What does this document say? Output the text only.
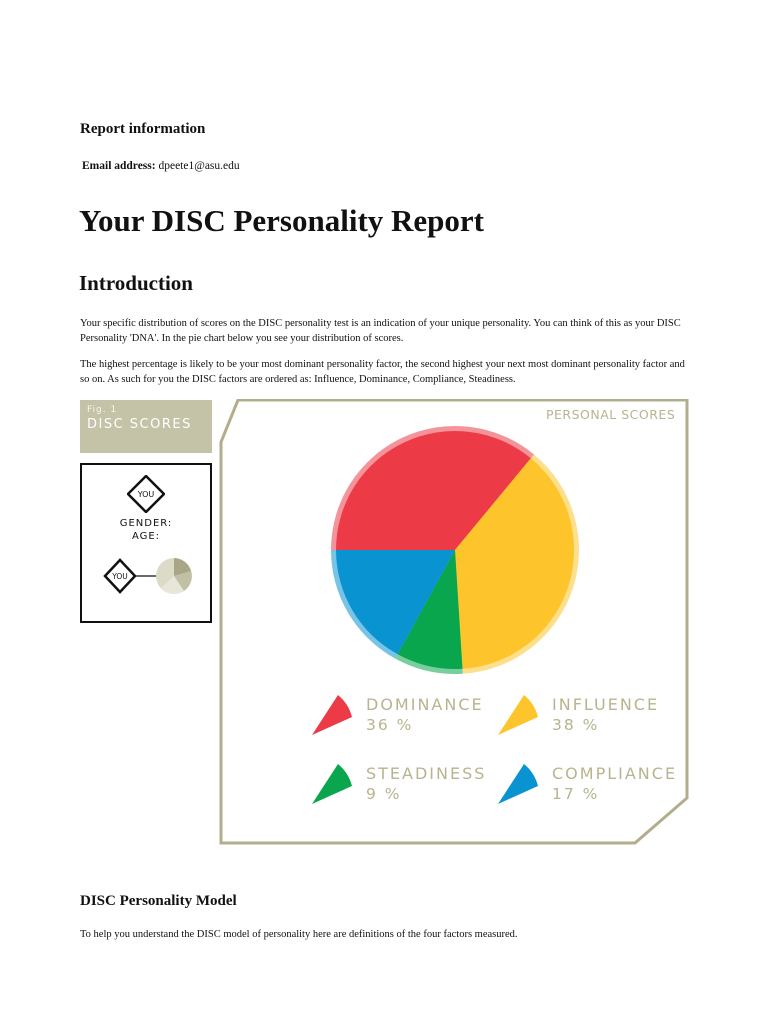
Report information
Email address: dpeete1@asu.edu
Your DISC Personality Report
Introduction

Your specific distribution of scores on the DISC personality test is an indication of your unique personality. You can think of this as your DISC Personality 'DNA'. In the pie chart below you see your distribution of scores.

The highest percentage is likely to be your most dominant personality factor, the second highest your next most dominant personality factor and so on. As such for you the DISC factors are ordered as: Influence, Dominance, Compliance, Steadiness.

Fig. 1
DISC SCORES
YOU
GENDER:
AGE:
YOU
PERSONAL SCORES
DOMINANCE
36 %
INFLUENCE
38 %
STEADINESS
9 %
COMPLIANCE
17 %
DISC Personality Model

To help you understand the DISC model of personality here are definitions of the four factors measured.
